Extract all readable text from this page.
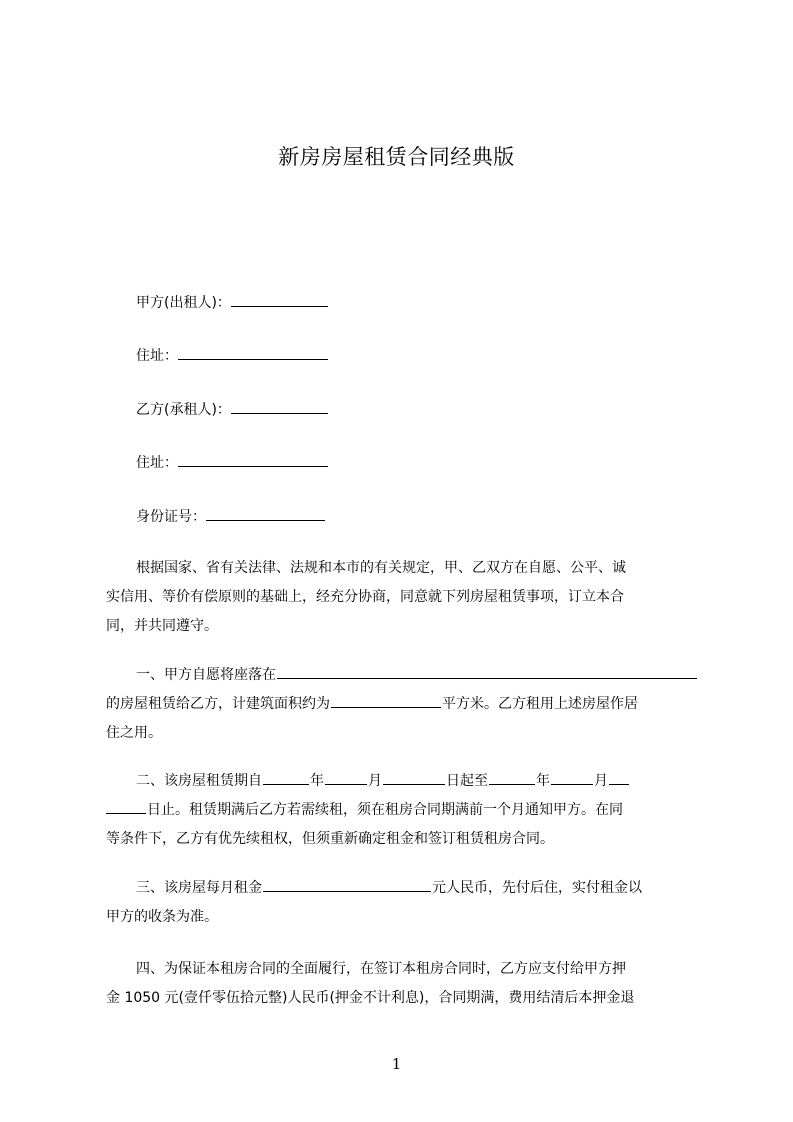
新房房屋租赁合同经典版
甲方(出租人)：
住址：
乙方(承租人)：
住址：
身份证号：
根据国家、省有关法律、法规和本市的有关规定，甲、乙双方在自愿、公平、诚
实信用、等价有偿原则的基础上，经充分协商，同意就下列房屋租赁事项，订立本合
同，并共同遵守。
一、甲方自愿将座落在
的房屋租赁给乙方，计建筑面积约为	平方米。乙方租用上述房屋作居
住之用。
二、该房屋租赁期自	年	月	日起至	年	月
日止。租赁期满后乙方若需续租，须在租房合同期满前一个月通知甲方。在同
等条件下，乙方有优先续租权，但须重新确定租金和签订租赁租房合同。
三、该房屋每月租金	元人民币，先付后住，实付租金以
甲方的收条为准。
四、为保证本租房合同的全面履行，在签订本租房合同时，乙方应支付给甲方押
金 1050 元(壹仟零伍拾元整)人民币(押金不计利息)，合同期满，费用结清后本押金退
1
